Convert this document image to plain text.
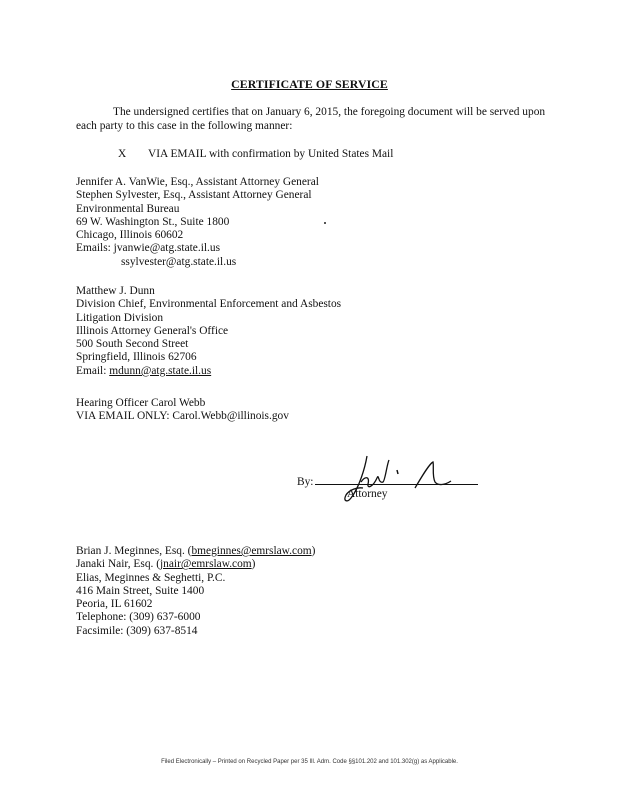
CERTIFICATE OF SERVICE

The undersigned certifies that on January 6, 2015, the foregoing document will be served upon each party to this case in the following manner:

X VIA EMAIL with confirmation by United States Mail
Jennifer A. VanWie, Esq., Assistant Attorney General
Stephen Sylvester, Esq., Assistant Attorney General
Environmental Bureau
69 W. Washington St., Suite 1800
Chicago, Illinois 60602
Emails: jvanwie@atg.state.il.us
ssylvester@atg.state.il.us
Matthew J. Dunn
Division Chief, Environmental Enforcement and Asbestos
Litigation Division
Illinois Attorney General's Office
500 South Second Street
Springfield, Illinois 62706
Email: mdunn@atg.state.il.us
Hearing Officer Carol Webb
VIA EMAIL ONLY: Carol.Webb@illinois.gov
By:
Attorney
Brian J. Meginnes, Esq. (bmeginnes@emrslaw.com)
Janaki Nair, Esq. (jnair@emrslaw.com)
Elias, Meginnes & Seghetti, P.C.
416 Main Street, Suite 1400
Peoria, IL 61602
Telephone: (309) 637-6000
Facsimile: (309) 637-8514
Filed Electronically – Printed on Recycled Paper per 35 Ill. Adm. Code §§101.202 and 101.302(g) as Applicable.
